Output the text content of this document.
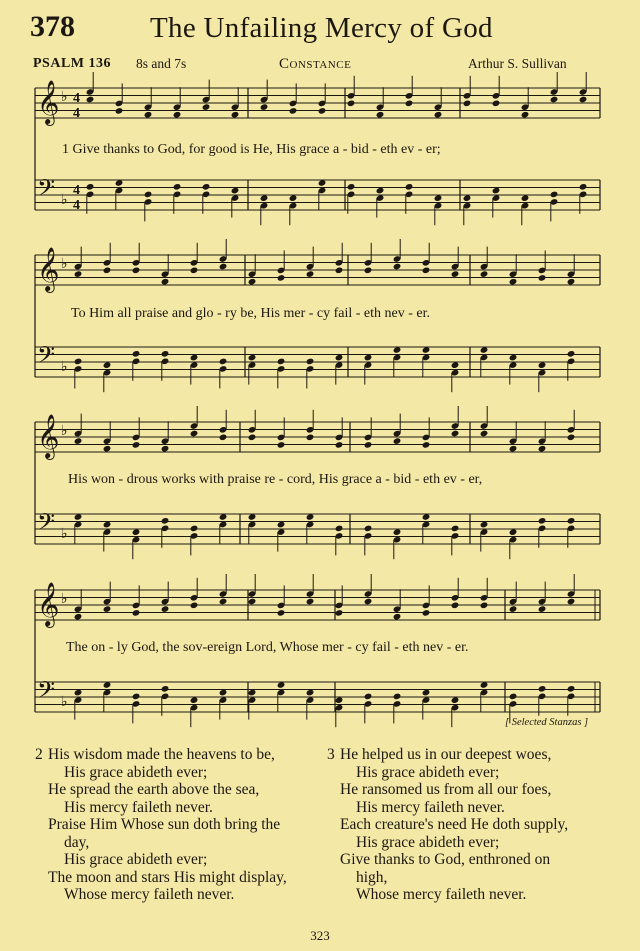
378	The Unfailing Mercy of God
PSALM 136 8s and 7s	Constance	Arthur S. Sullivan
𝄞 ♭ 4
4
𝄢 ♭
4
4
𝄞 ♭
𝄢 ♭
𝄞 ♭
𝄢 ♭
𝄞 ♭
𝄢 ♭
1 Give thanks to God, for good is He, His grace a - bid - eth ev - er;
To Him all praise and glo - ry be, His mer - cy fail - eth nev - er.
His won - drous works with praise re - cord, His grace a - bid - eth ev - er,
The on - ly God, the sov-ereign Lord, Whose mer - cy fail - eth nev - er.
[ Selected Stanzas ]
2 His wisdom made the heavens to be,
His grace abideth ever;
He spread the earth above the sea,
His mercy faileth never.
Praise Him Whose sun doth bring the
day,
His grace abideth ever;
The moon and stars His might display,
Whose mercy faileth never.
3 He helped us in our deepest woes,
His grace abideth ever;
He ransomed us from all our foes,
His mercy faileth never.
Each creature's need He doth supply,
His grace abideth ever;
Give thanks to God, enthroned on
high,
Whose mercy faileth never.
323
